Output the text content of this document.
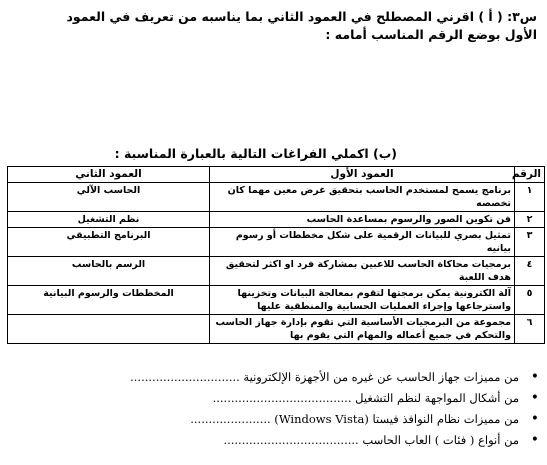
س٣: ( أ ) اقرني المصطلح في العمود الثاني بما يناسبه من تعريف في العمود الأول بوضع الرقم المناسب أمامه :
(ب) اكملي الفراغات التالية بالعبارة المناسبة :
الرقم	العمود الأول	العمود الثاني
١	برنامج يسمح لمستخدم الحاسب بتحقيق غرض معين مهما كان تخصصه	الحاسب الآلي
٢	فن تكوين الصور والرسوم بمساعدة الحاسب	نظم التشغيل
٣	تمثيل بصري للبيانات الرقمية على شكل مخططات أو رسوم بيانيه	البرنامج التطبيقي
٤	برمجيات محاكاة الحاسب للاعبين بمشاركة فرد او اكثر لتحقيق هدف اللعبة	الرسم بالحاسب
٥	آلة الكترونية يمكن برمجتها لتقوم بمعالجة البيانات وتخزينها واسترجاعها وإجراء العمليات الحسابية والمنطقية عليها	المخططات والرسوم البيانية
٦	مجموعة من البرمجيات الأساسية التي تقوم بإدارة جهاز الحاسب والتحكم في جميع أعماله والمهام التي يقوم بها	
• من مميزات جهاز الحاسب عن غيره من الأجهزة الإلكترونية ..............................
• من أشكال المواجهة لنظم التشغيل ......................................
• من مميزات نظام النوافذ فيستا (Windows Vista) ......................
• من أنواع ( فئات ) العاب الحاسب .....................................
